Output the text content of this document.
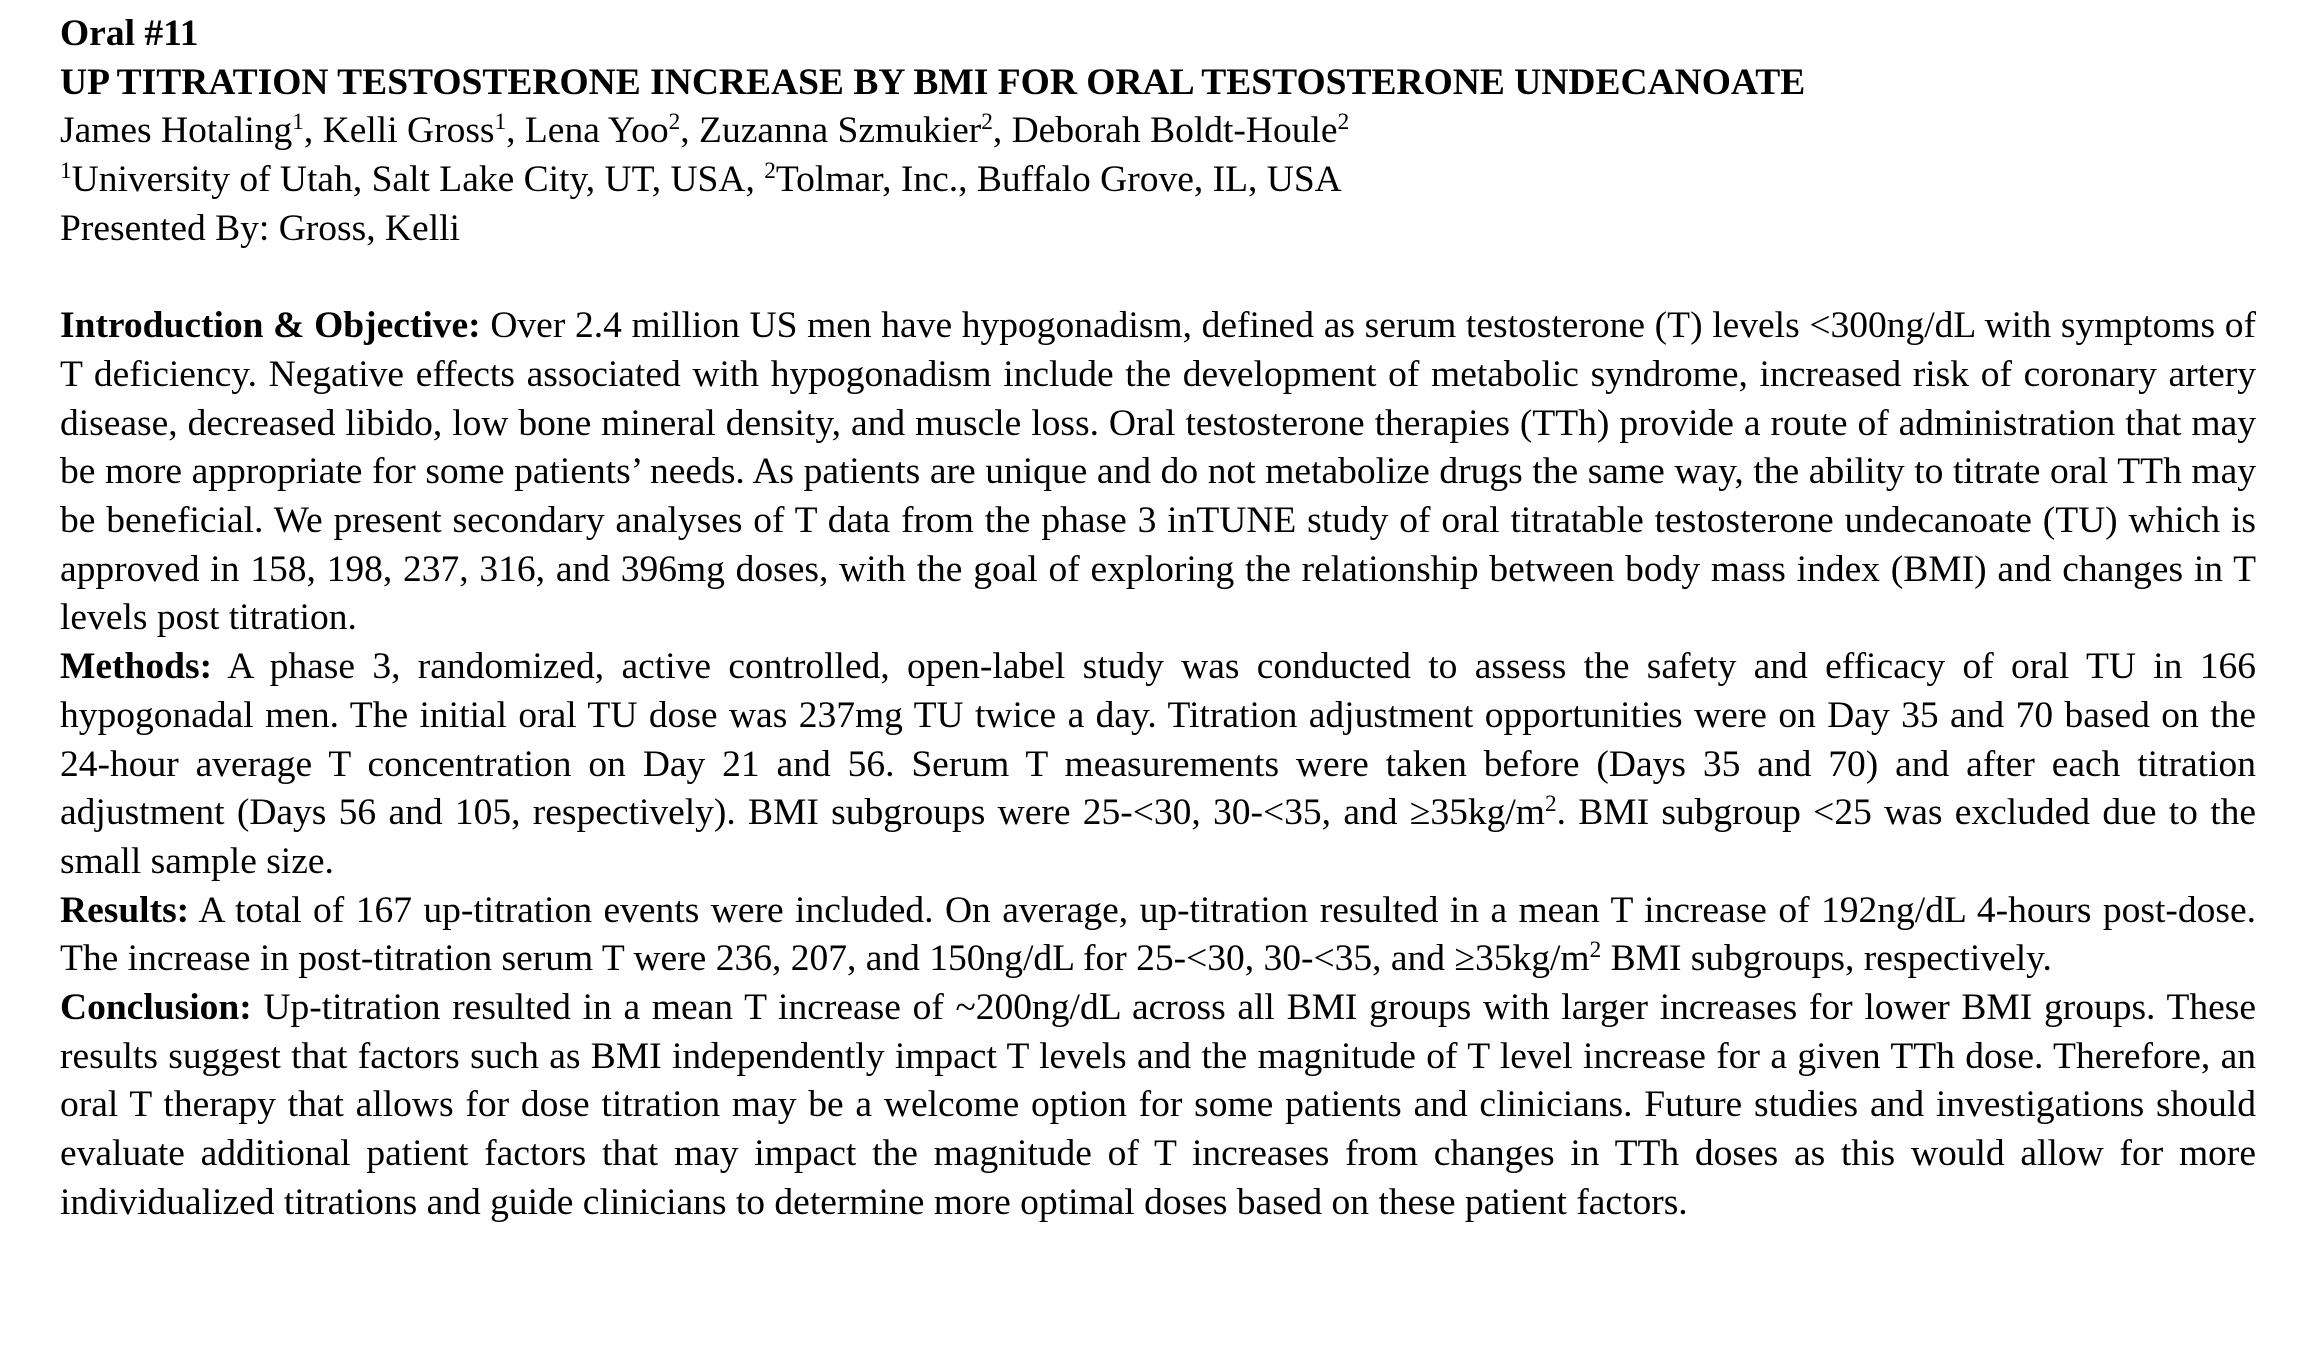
Oral #11
UP TITRATION TESTOSTERONE INCREASE BY BMI FOR ORAL TESTOSTERONE UNDECANOATE
James Hotaling$^1$, Kelli Gross$^1$, Lena Yoo$^2$, Zuzanna Szmukier$^2$, Deborah Boldt-Houle$^2$
$^1$University of Utah, Salt Lake City, UT, USA, $^2$Tolmar, Inc., Buffalo Grove, IL, USA
Presented By: Gross, Kelli
Introduction & Objective: Over 2.4 million US men have hypogonadism, defined as serum testosterone (T) levels <300ng/dL with symptoms of T deficiency. Negative effects associated with hypogonadism include the development of metabolic syndrome, increased risk of coronary artery disease, decreased libido, low bone mineral density, and muscle loss. Oral testosterone therapies (TTh) provide a route of administration that may be more appropriate for some patients’ needs. As patients are unique and do not metabolize drugs the same way, the ability to titrate oral TTh may be beneficial. We present secondary analyses of T data from the phase 3 inTUNE study of oral titratable testosterone undecanoate (TU) which is approved in 158, 198, 237, 316, and 396mg doses, with the goal of exploring the relationship between body mass index (BMI) and changes in T levels post titration.
Methods: A phase 3, randomized, active controlled, open-label study was conducted to assess the safety and efficacy of oral TU in 166 hypogonadal men. The initial oral TU dose was 237mg TU twice a day. Titration adjustment opportunities were on Day 35 and 70 based on the 24-hour average T concentration on Day 21 and 56. Serum T measurements were taken before (Days 35 and 70) and after each titration adjustment (Days 56 and 105, respectively). BMI subgroups were 25-<30, 30-<35, and $\ge 35kg/m^2$. BMI subgroup <25 was excluded due to the small sample size.
Results: A total of 167 up-titration events were included. On average, up-titration resulted in a mean T increase of 192ng/dL 4-hours post-dose. The increase in post-titration serum T were 236, 207, and 150ng/dL for 25-<30, 30-<35, and $\ge 35kg/m^2$ BMI subgroups, respectively.
Conclusion: Up-titration resulted in a mean T increase of ~200ng/dL across all BMI groups with larger increases for lower BMI groups. These results suggest that factors such as BMI independently impact T levels and the magnitude of T level increase for a given TTh dose. Therefore, an oral T therapy that allows for dose titration may be a welcome option for some patients and clinicians. Future studies and investigations should evaluate additional patient factors that may impact the magnitude of T increases from changes in TTh doses as this would allow for more individualized titrations and guide clinicians to determine more optimal doses based on these patient factors.
